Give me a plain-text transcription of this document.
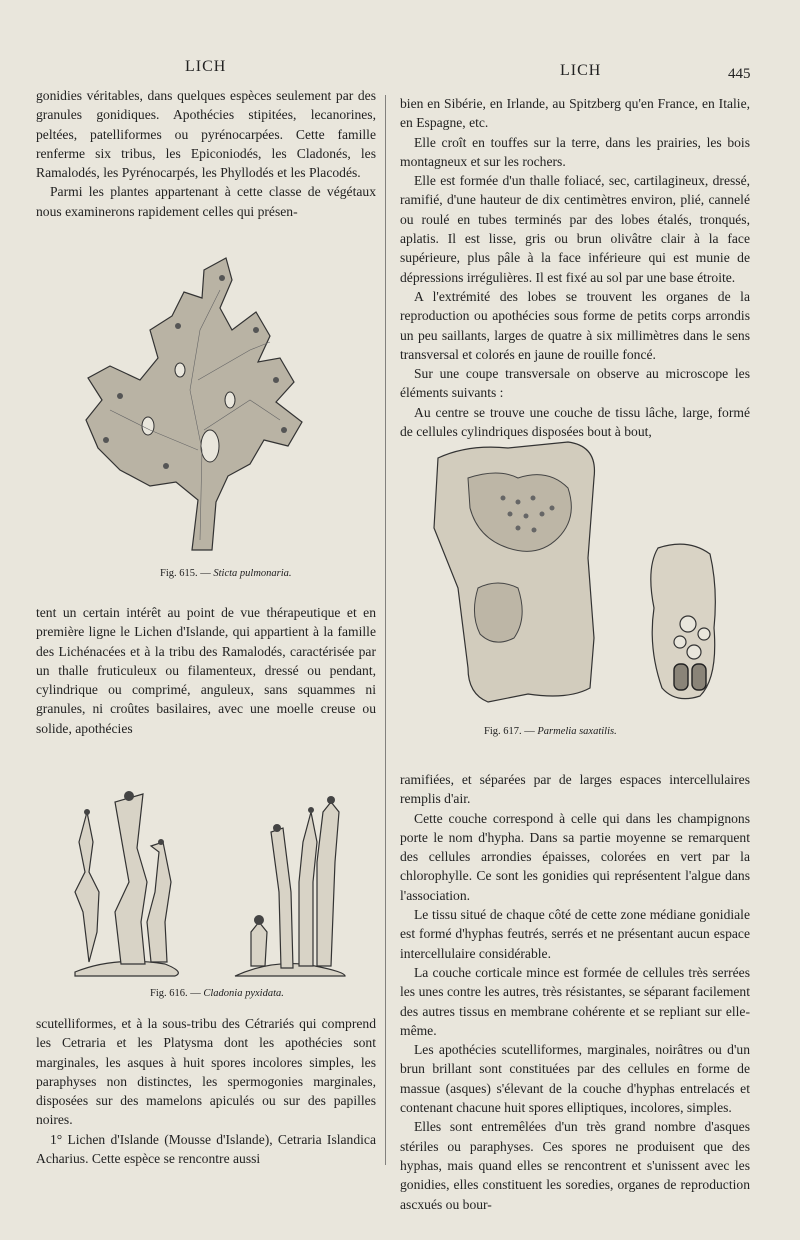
LICH	LICH	445

gonidies véritables, dans quelques espèces seulement par des granules gonidiques. Apothécies stipitées, lecanorines, peltées, patelliformes ou pyrénocarpées. Cette famille renferme six tribus, les Epiconiodés, les Cladonés, les Ramalodés, les Pyrénocarpés, les Phyllodés et les Placodés.

Parmi les plantes appartenant à cette classe de végétaux nous examinerons rapidement celles qui présen-

Fig. 615. — Sticta pulmonaria.

tent un certain intérêt au point de vue thérapeutique et en première ligne le Lichen d'Islande, qui appartient à la famille des Lichénacées et à la tribu des Ramalodés, caractérisée par un thalle fruticuleux ou filamenteux, dressé ou pendant, cylindrique ou comprimé, anguleux, sans squammes ni granules, ni croûtes basilaires, avec une moelle creuse ou solide, apothécies

Fig. 616. — Cladonia pyxidata.

scutelliformes, et à la sous-tribu des Cétrariés qui comprend les Cetraria et les Platysma dont les apothécies sont marginales, les asques à huit spores incolores simples, les paraphyses non distinctes, les spermogonies marginales, disposées sur des mamelons apiculés ou sur des papilles noires.

1° Lichen d'Islande (Mousse d'Islande), Cetraria Islandica Acharius. Cette espèce se rencontre aussi

bien en Sibérie, en Irlande, au Spitzberg qu'en France, en Italie, en Espagne, etc.

Elle croît en touffes sur la terre, dans les prairies, les bois montagneux et sur les rochers.

Elle est formée d'un thalle foliacé, sec, cartilagineux, dressé, ramifié, d'une hauteur de dix centimètres environ, plié, cannelé ou roulé en tubes terminés par des lobes étalés, tronqués, aplatis. Il est lisse, gris ou brun olivâtre clair à la face supérieure, plus pâle à la face inférieure qui est munie de dépressions irrégulières. Il est fixé au sol par une base étroite.

A l'extrémité des lobes se trouvent les organes de la reproduction ou apothécies sous forme de petits corps arrondis un peu saillants, larges de quatre à six millimètres dans le sens transversal et colorés en jaune de rouille foncé.

Sur une coupe transversale on observe au microscope les éléments suivants :

Au centre se trouve une couche de tissu lâche, large, formé de cellules cylindriques disposées bout à bout,

Fig. 617. — Parmelia saxatilis.

ramifiées, et séparées par de larges espaces intercellulaires remplis d'air.

Cette couche correspond à celle qui dans les champignons porte le nom d'hypha. Dans sa partie moyenne se remarquent des cellules arrondies épaisses, colorées en vert par la chlorophylle. Ce sont les gonidies qui représentent l'algue dans l'association.

Le tissu situé de chaque côté de cette zone médiane gonidiale est formé d'hyphas feutrés, serrés et ne présentant aucun espace intercellulaire considérable.

La couche corticale mince est formée de cellules très serrées les unes contre les autres, très résistantes, se séparant facilement des autres tissus en membrane cohérente et se repliant sur elle-même.

Les apothécies scutelliformes, marginales, noirâtres ou d'un brun brillant sont constituées par des cellules en forme de massue (asques) s'élevant de la couche d'hyphas entrelacés et contenant chacune huit spores elliptiques, incolores, simples.

Elles sont entremêlées d'un très grand nombre d'asques stériles ou paraphyses. Ces spores ne produisent que des hyphas, mais quand elles se rencontrent et s'unissent avec les gonidies, elles constituent les soredies, organes de reproduction ascxués ou bour-
